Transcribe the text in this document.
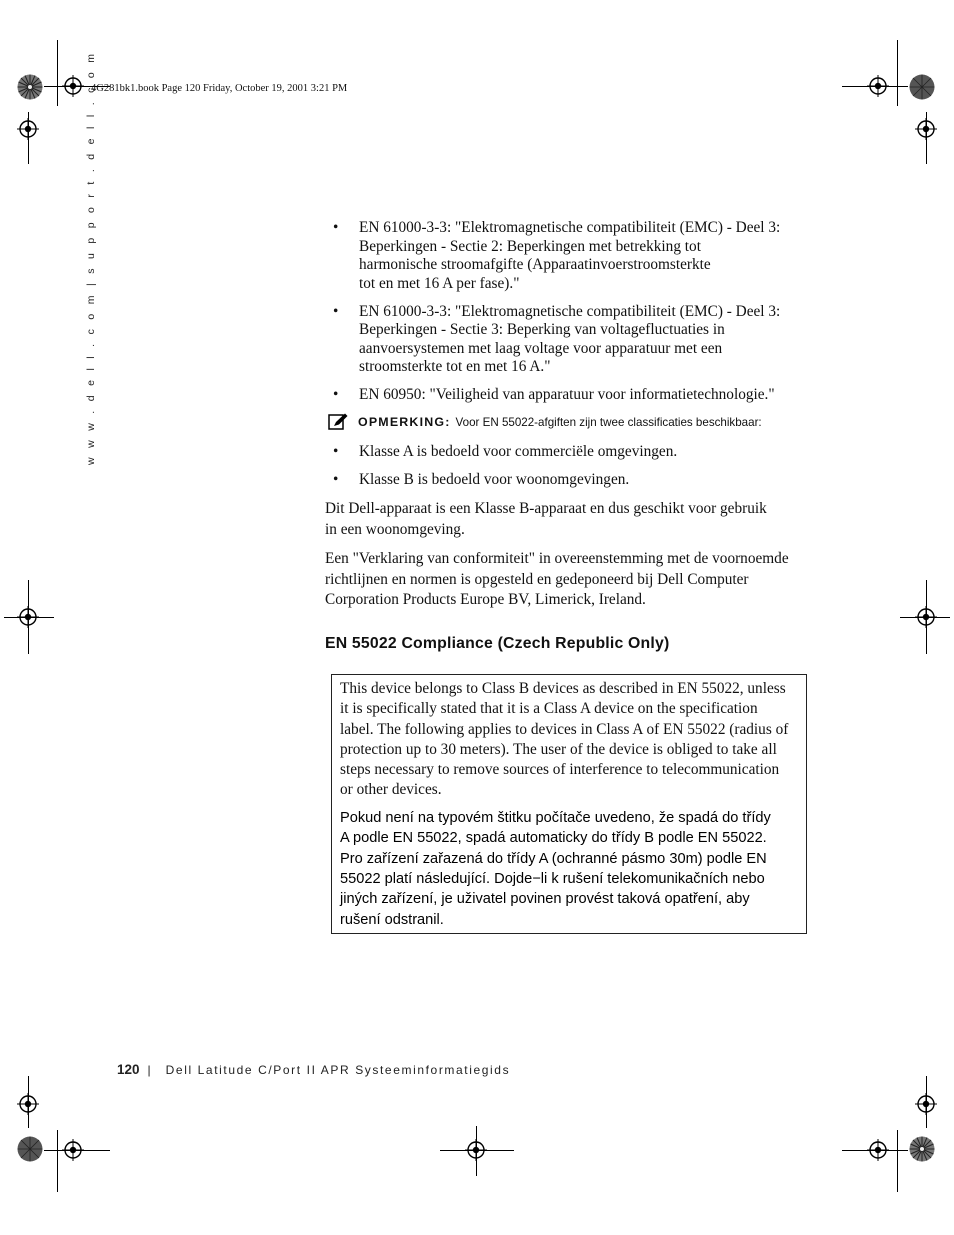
4G281bk1.book Page 120 Friday, October 19, 2001 3:21 PM
w w w . d e l l . c o m | s u p p o r t . d e l l . c o m	• EN 61000-3-3: "Elektromagnetische compatibiliteit (EMC) - Deel 3:
Beperkingen - Sectie 2: Beperkingen met betrekking tot
harmonische stroomafgifte (Apparaatinvoerstroomsterkte
tot en met 16 A per fase)."
• EN 61000-3-3: "Elektromagnetische compatibiliteit (EMC) - Deel 3:
Beperkingen - Sectie 3: Beperking van voltagefluctuaties in
aanvoersystemen met laag voltage voor apparatuur met een
stroomsterkte tot en met 16 A."
• EN 60950: "Veiligheid van apparatuur voor informatietechnologie."
OPMERKING: Voor EN 55022-afgiften zijn twee classificaties beschikbaar:
• Klasse A is bedoeld voor commerciële omgevingen.
• Klasse B is bedoeld voor woonomgevingen.

Dit Dell-apparaat is een Klasse B-apparaat en dus geschikt voor gebruik
in een woonomgeving.

Een "Verklaring van conformiteit" in overeenstemming met de voornoemde
richtlijnen en normen is opgesteld en gedeponeerd bij Dell Computer
Corporation Products Europe BV, Limerick, Ireland.

EN 55022 Compliance (Czech Republic Only)

This device belongs to Class B devices as described in EN 55022, unless
it is specifically stated that it is a Class A device on the specification
label. The following applies to devices in Class A of EN 55022 (radius of
protection up to 30 meters). The user of the device is obliged to take all
steps necessary to remove sources of interference to telecommunication
or other devices.

Pokud není na typovém štitku počítače uvedeno, že spadá do třídy
A podle EN 55022, spadá automaticky do třídy B podle EN 55022.
Pro zařízení zařazená do třídy A (ochranné pásmo 30m) podle EN
55022 platí následující. Dojde−li k rušení telekomunikačních nebo
jiných zařízení, je uživatel povinen provést taková opatření, aby
rušení odstranil.

120 | Dell Latitude C/Port II APR Systeeminformatiegids
